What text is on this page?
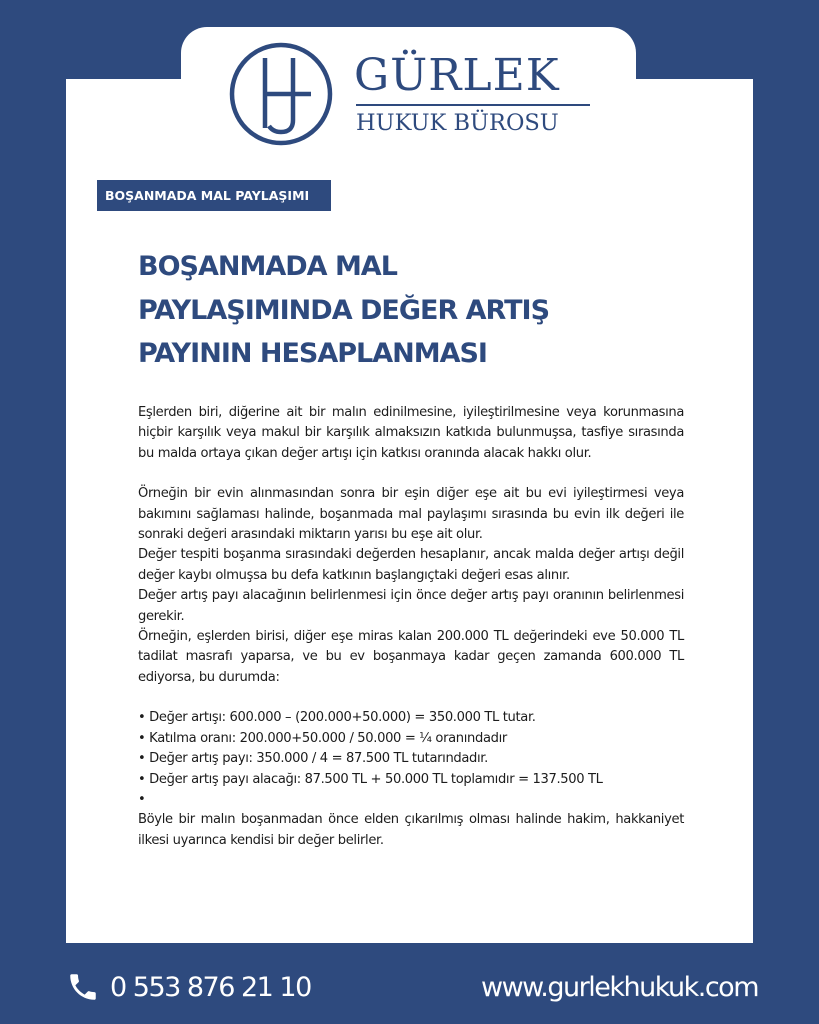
GÜRLEK
HUKUK BÜROSU
BOŞANMADA MAL PAYLAŞIMI
BOŞANMADA MAL
PAYLAŞIMINDA DEĞER ARTIŞ
PAYININ HESAPLANMASI

Eşlerden biri, diğerine ait bir malın edinilmesine, iyileştirilmesine veya korunmasına hiçbir karşılık veya makul bir karşılık almaksızın katkıda bulunmuşsa, tasfiye sırasında bu malda ortaya çıkan değer artışı için katkısı oranında alacak hakkı olur.

Örneğin bir evin alınmasından sonra bir eşin diğer eşe ait bu evi iyileştirmesi veya bakımını sağlaması halinde, boşanmada mal paylaşımı sırasında bu evin ilk değeri ile sonraki değeri arasındaki miktarın yarısı bu eşe ait olur.

Değer tespiti boşanma sırasındaki değerden hesaplanır, ancak malda değer artışı değil değer kaybı olmuşsa bu defa katkının başlangıçtaki değeri esas alınır.

Değer artış payı alacağının belirlenmesi için önce değer artış payı oranının belirlenmesi gerekir.

Örneğin, eşlerden birisi, diğer eşe miras kalan 200.000 TL değerindeki eve 50.000 TL tadilat masrafı yaparsa, ve bu ev boşanmaya kadar geçen zamanda 600.000 TL ediyorsa, bu durumda:

• Değer artışı: 600.000 – (200.000+50.000) = 350.000 TL tutar.
• Katılma oranı: 200.000+50.000 / 50.000 = ¼ oranındadır
• Değer artış payı: 350.000 / 4 = 87.500 TL tutarındadır.
• Değer artış payı alacağı: 87.500 TL + 50.000 TL toplamıdır = 137.500 TL
•

Böyle bir malın boşanmadan önce elden çıkarılmış olması halinde hakim, hakkaniyet ilkesi uyarınca kendisi bir değer belirler.

0 553 876 21 10	www.gurlekhukuk.com
